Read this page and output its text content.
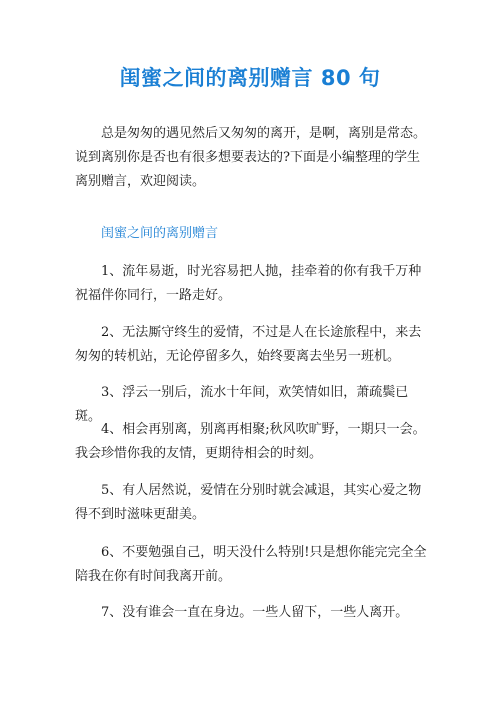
闺蜜之间的离别赠言 80 句
总是匆匆的遇见然后又匆匆的离开，是啊，离别是常态。说到离别你是否也有很多想要表达的?下面是小编整理的学生离别赠言，欢迎阅读。
闺蜜之间的离别赠言
1、流年易逝，时光容易把人抛，挂牵着的你有我千万种祝福伴你同行，一路走好。
2、无法厮守终生的爱情，不过是人在长途旅程中，来去匆匆的转机站，无论停留多久，始终要离去坐另一班机。
3、浮云一别后，流水十年间，欢笑情如旧，萧疏鬓已斑。
4、相会再别离，别离再相聚;秋风吹旷野，一期只一会。我会珍惜你我的友情，更期待相会的时刻。
5、有人居然说，爱情在分别时就会减退，其实心爱之物得不到时滋味更甜美。
6、不要勉强自己，明天没什么特别!只是想你能完完全全陪我在你有时间我离开前。
7、没有谁会一直在身边。一些人留下，一些人离开。
